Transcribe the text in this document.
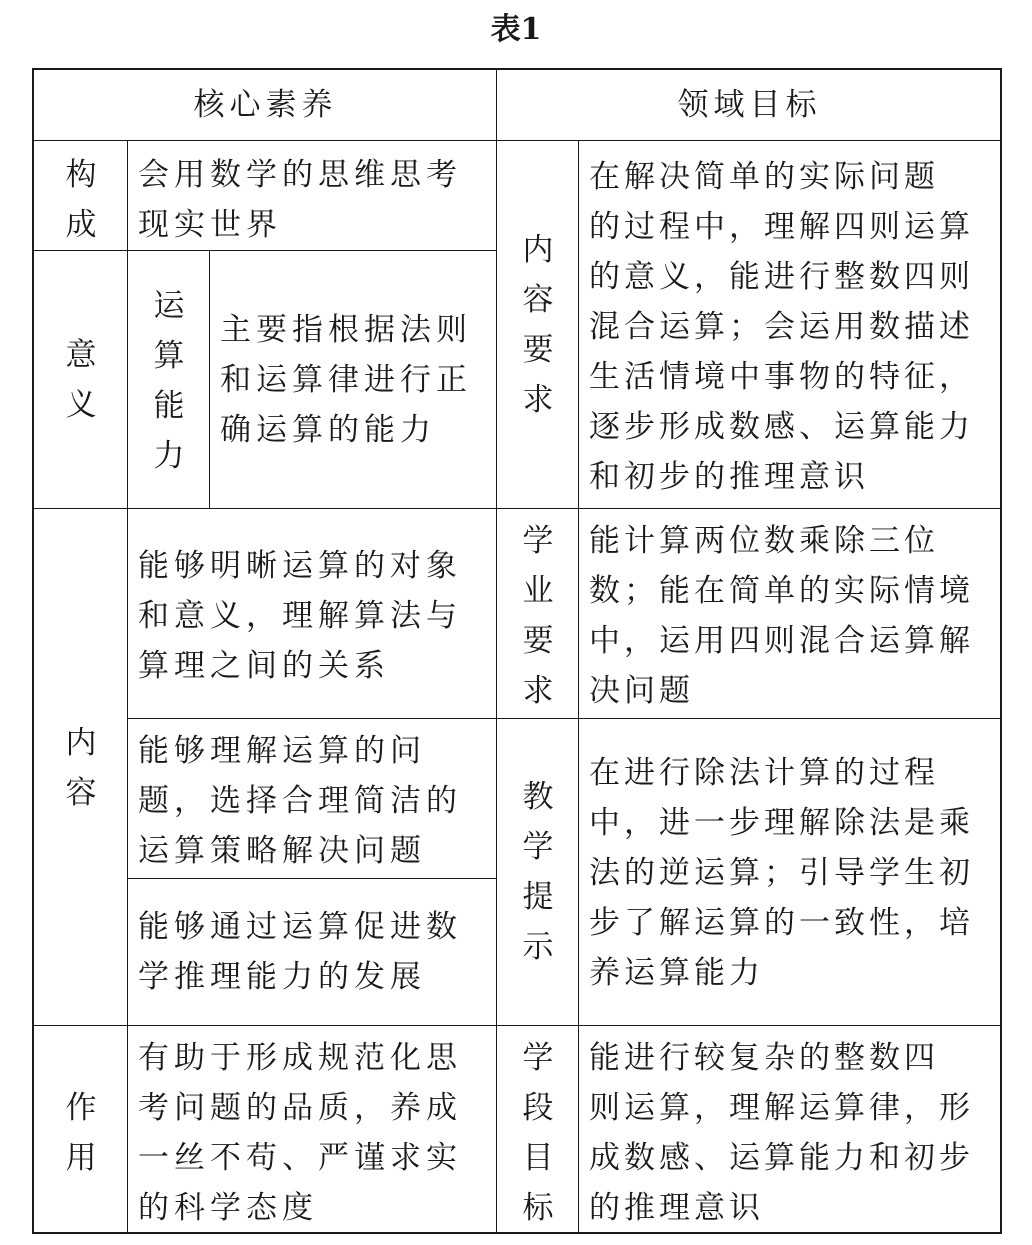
表1
核心素养	领域目标
构
成
意
义
会用数学的思维思考
现实世界
运
算
能
力
主要指根据法则
和运算律进行正
确运算的能力
内
容
能够明晰运算的对象
和意义，理解算法与
算理之间的关系
能够理解运算的问
题，选择合理简洁的
运算策略解决问题
能够通过运算促进数
学推理能力的发展
作
用
有助于形成规范化思
考问题的品质，养成
一丝不苟、严谨求实
的科学态度
内
容
要
求
在解决简单的实际问题
的过程中，理解四则运算
的意义，能进行整数四则
混合运算；会运用数描述
生活情境中事物的特征，
逐步形成数感、运算能力
和初步的推理意识
学
业
要
求
能计算两位数乘除三位
数；能在简单的实际情境
中，运用四则混合运算解
决问题
教
学
提
示
在进行除法计算的过程
中，进一步理解除法是乘
法的逆运算；引导学生初
步了解运算的一致性，培
养运算能力
学
段
目
标
能进行较复杂的整数四
则运算，理解运算律，形
成数感、运算能力和初步
的推理意识
